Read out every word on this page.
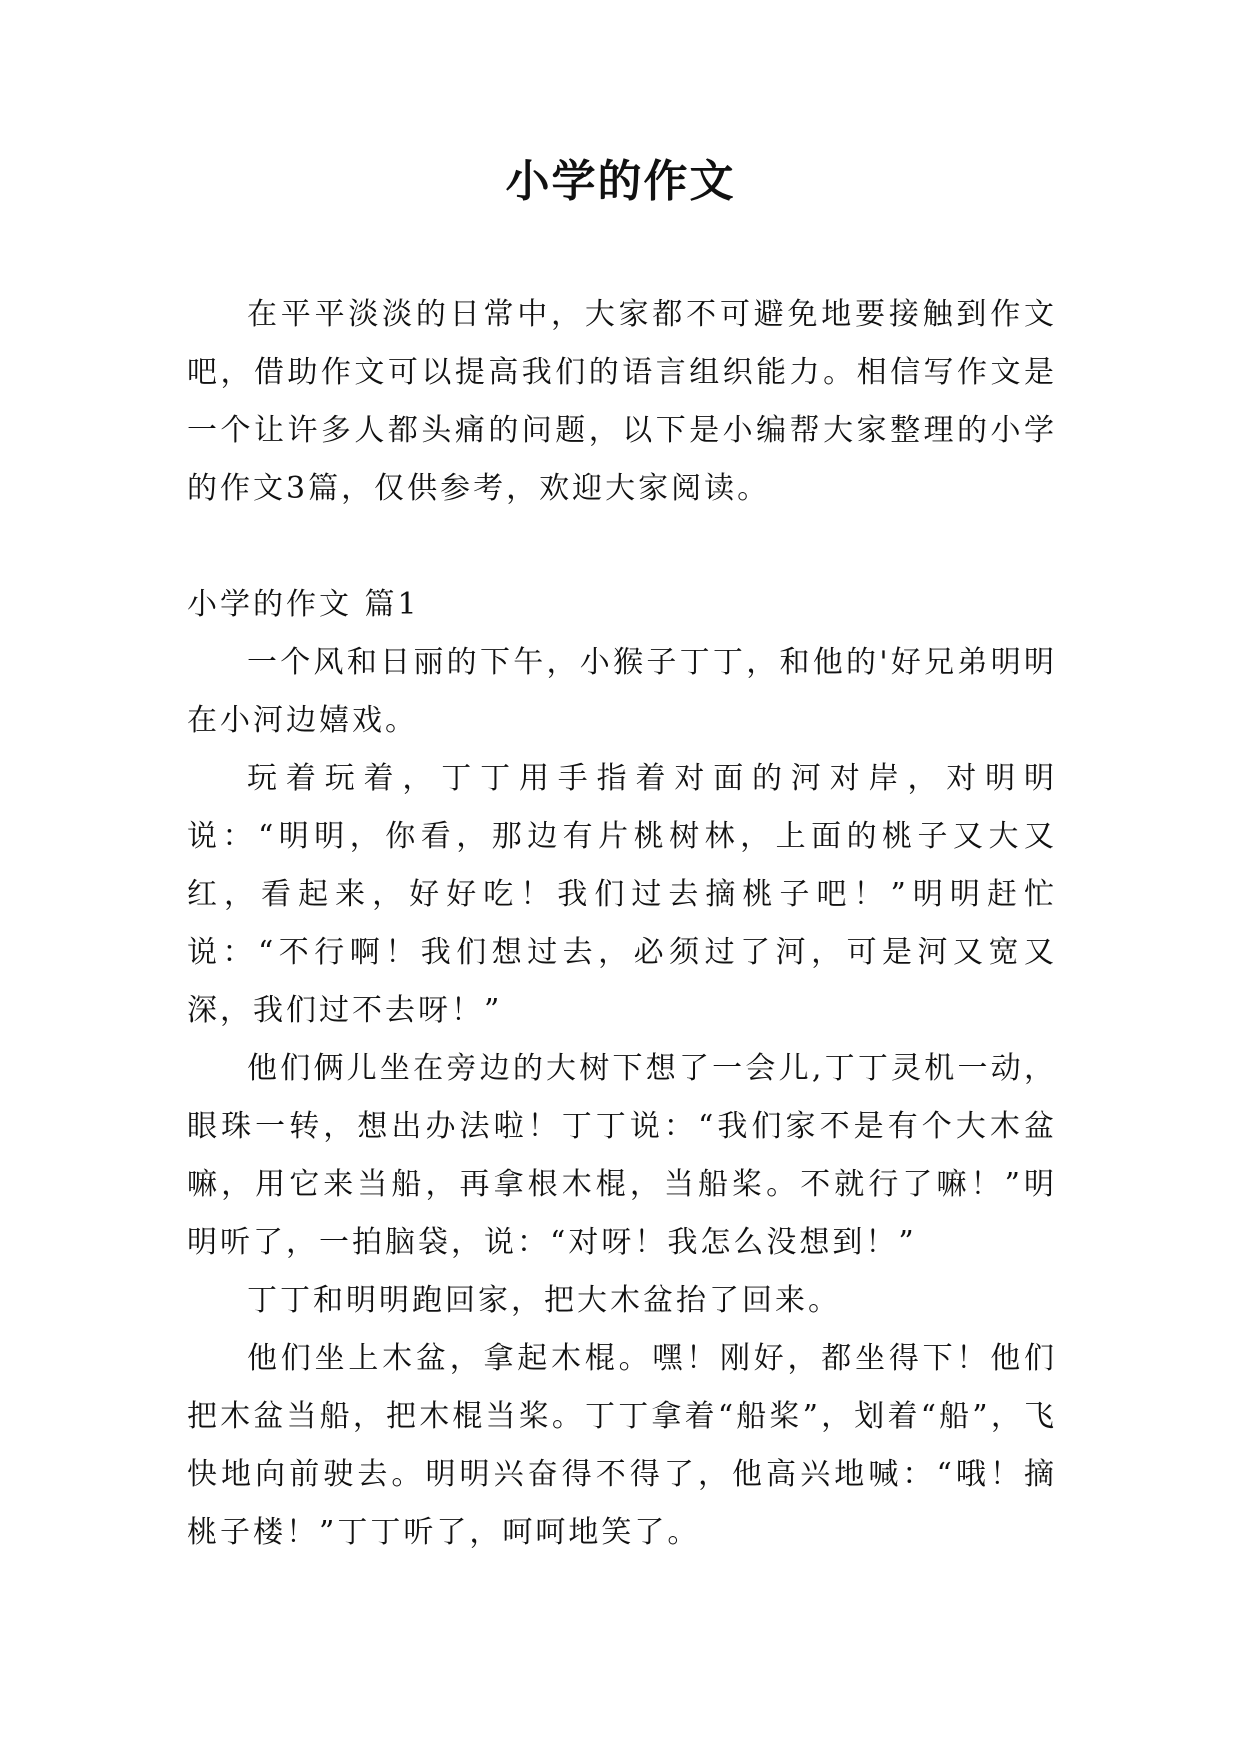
小学的作文

在平平淡淡的日常中，大家都不可避免地要接触到作文吧，借助作文可以提高我们的语言组织能力。相信写作文是一个让许多人都头痛的问题，以下是小编帮大家整理的小学的作文3篇，仅供参考，欢迎大家阅读。

小学的作文 篇1

一个风和日丽的下午，小猴子丁丁，和他的'好兄弟明明在小河边嬉戏。

玩着玩着，丁丁用手指着对面的河对岸，对明明说：“明明，你看，那边有片桃树林，上面的桃子又大又红，看起来，好好吃！我们过去摘桃子吧！”明明赶忙说：“不行啊！我们想过去，必须过了河，可是河又宽又深，我们过不去呀！”

他们俩儿坐在旁边的大树下想了一会儿,丁丁灵机一动，眼珠一转，想出办法啦！丁丁说：“我们家不是有个大木盆嘛，用它来当船，再拿根木棍，当船桨。不就行了嘛！”明明听了，一拍脑袋，说：“对呀！我怎么没想到！”

丁丁和明明跑回家，把大木盆抬了回来。

他们坐上木盆，拿起木棍。嘿！刚好，都坐得下！他们把木盆当船，把木棍当桨。丁丁拿着“船桨”，划着“船”，飞快地向前驶去。明明兴奋得不得了，他高兴地喊：“哦！摘桃子楼！”丁丁听了，呵呵地笑了。
